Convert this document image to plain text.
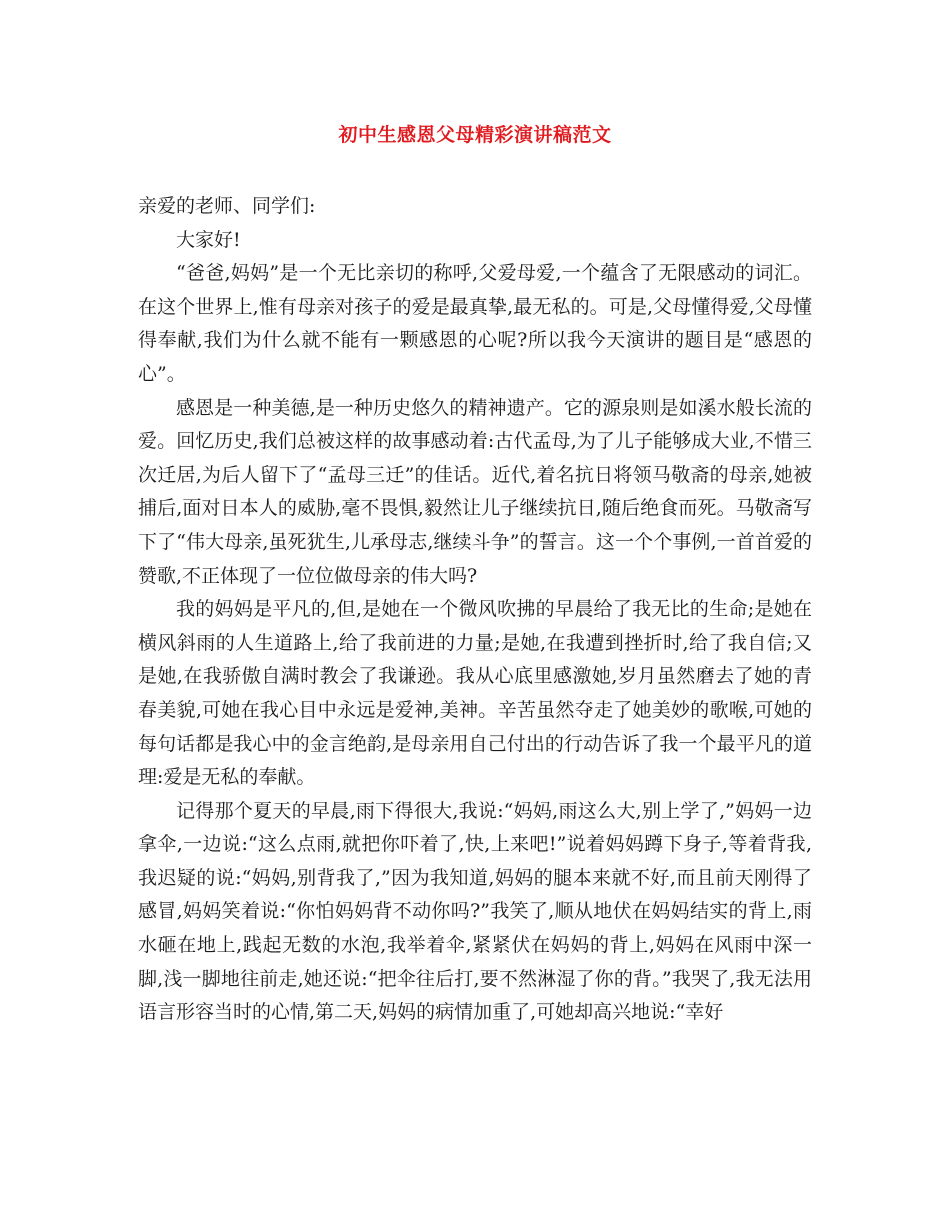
初中生感恩父母精彩演讲稿范文

亲爱的老师、同学们:

大家好!

“爸爸,妈妈”是一个无比亲切的称呼,父爱母爱,一个蕴含了无限感动的词汇。在这个世界上,惟有母亲对孩子的爱是最真挚,最无私的。可是,父母懂得爱,父母懂得奉献,我们为什么就不能有一颗感恩的心呢?所以我今天演讲的题目是“感恩的心”。

感恩是一种美德,是一种历史悠久的精神遗产。它的源泉则是如溪水般长流的爱。回忆历史,我们总被这样的故事感动着:古代孟母,为了儿子能够成大业,不惜三次迁居,为后人留下了“孟母三迁”的佳话。近代,着名抗日将领马敬斋的母亲,她被捕后,面对日本人的威胁,毫不畏惧,毅然让儿子继续抗日,随后绝食而死。马敬斋写下了“伟大母亲,虽死犹生,儿承母志,继续斗争”的誓言。这一个个事例,一首首爱的赞歌,不正体现了一位位做母亲的伟大吗?

我的妈妈是平凡的,但,是她在一个微风吹拂的早晨给了我无比的生命;是她在横风斜雨的人生道路上,给了我前进的力量;是她,在我遭到挫折时,给了我自信;又是她,在我骄傲自满时教会了我谦逊。我从心底里感激她,岁月虽然磨去了她的青春美貌,可她在我心目中永远是爱神,美神。辛苦虽然夺走了她美妙的歌喉,可她的每句话都是我心中的金言绝韵,是母亲用自己付出的行动告诉了我一个最平凡的道理:爱是无私的奉献。

记得那个夏天的早晨,雨下得很大,我说:“妈妈,雨这么大,别上学了,”妈妈一边拿伞,一边说:“这么点雨,就把你吓着了,快,上来吧!”说着妈妈蹲下身子,等着背我,我迟疑的说:“妈妈,别背我了,”因为我知道,妈妈的腿本来就不好,而且前天刚得了感冒,妈妈笑着说:“你怕妈妈背不动你吗?”我笑了,顺从地伏在妈妈结实的背上,雨水砸在地上,践起无数的水泡,我举着伞,紧紧伏在妈妈的背上,妈妈在风雨中深一脚,浅一脚地往前走,她还说:“把伞往后打,要不然淋湿了你的背。”我哭了,我无法用语言形容当时的心情,第二天,妈妈的病情加重了,可她却高兴地说:“幸好
